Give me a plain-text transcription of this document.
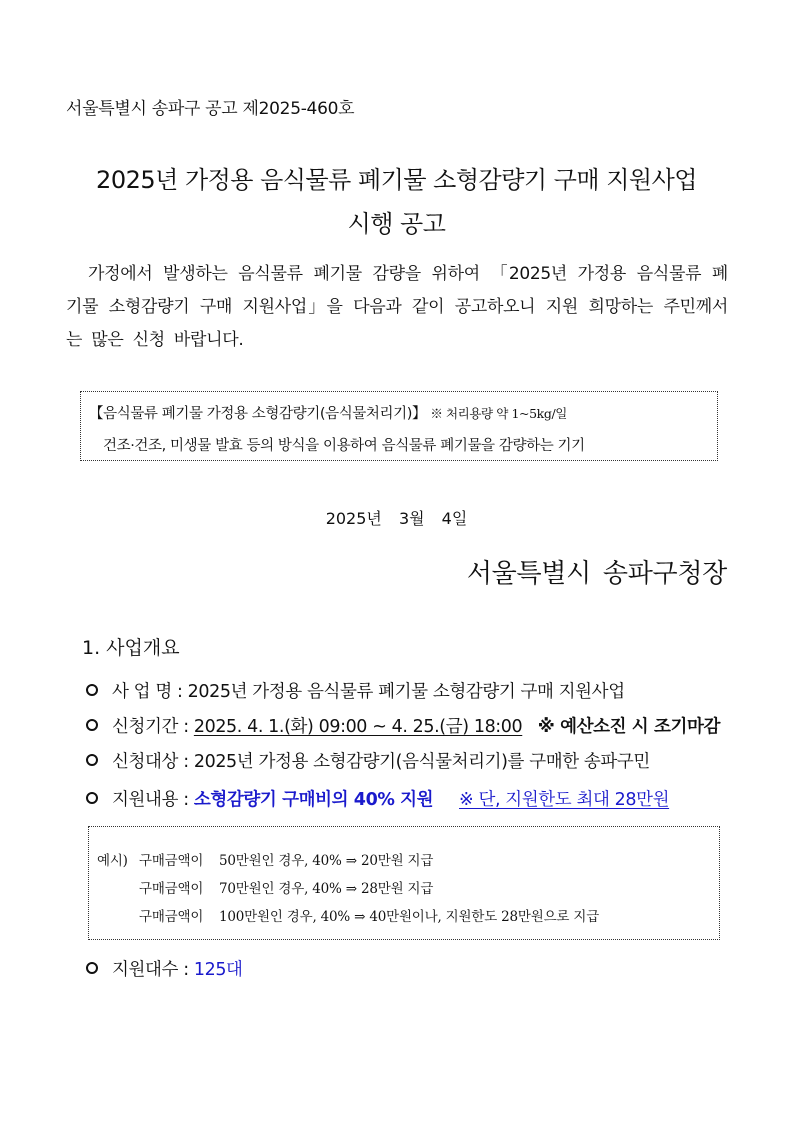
서울특별시 송파구 공고 제2025-460호
2025년 가정용 음식물류 폐기물 소형감량기 구매 지원사업
시행 공고
가정에서 발생하는 음식물류 폐기물 감량을 위하여 「2025년 가정용 음식물류 폐기물 소형감량기 구매 지원사업」을 다음과 같이 공고하오니 지원 희망하는 주민께서는 많은 신청 바랍니다.
【음식물류 폐기물 가정용 소형감량기(음식물처리기)】 ※ 처리용량 약 1~5kg/일
건조·건조, 미생물 발효 등의 방식을 이용하여 음식물류 폐기물을 감량하는 기기
2025년 3월 4일
서울특별시 송파구청장
1. 사업개요
사 업 명 : 2025년 가정용 음식물류 폐기물 소형감량기 구매 지원사업
신청기간 : 2025. 4. 1.(화) 09:00 ~ 4. 25.(금) 18:00 ※ 예산소진 시 조기마감
신청대상 : 2025년 가정용 소형감량기(음식물처리기)를 구매한 송파구민
지원내용 : 소형감량기 구매비의 40% 지원 ※ 단, 지원한도 최대 28만원
예시) 구매금액이 50만원인 경우, 40% ⇒ 20만원 지급
구매금액이 70만원인 경우, 40% ⇒ 28만원 지급
구매금액이 100만원인 경우, 40% ⇒ 40만원이나, 지원한도 28만원으로 지급
지원대수 : 125대
